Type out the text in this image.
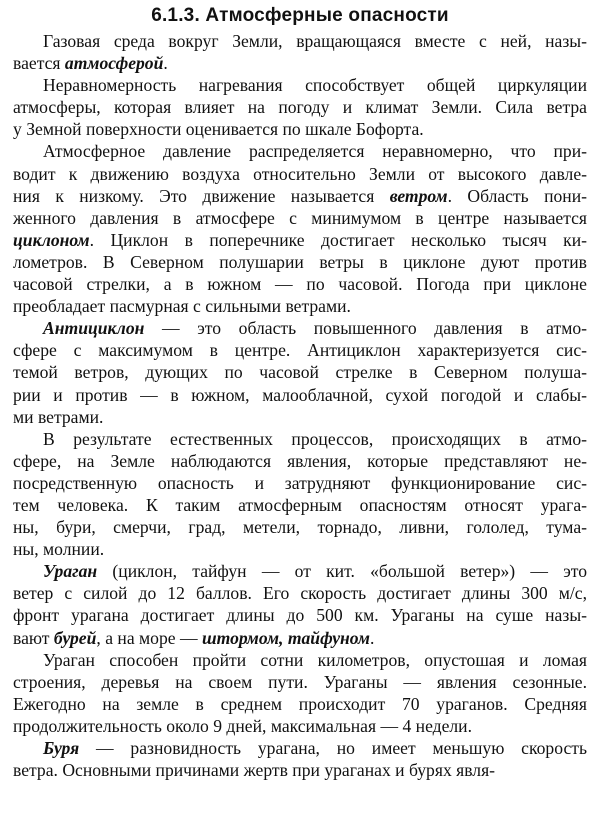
6.1.3. Атмосферные опасности
Газовая среда вокруг Земли, вращающаяся вместе с ней, назы-
вается атмосферой.
Неравномерность нагревания способствует общей циркуляции
атмосферы, которая влияет на погоду и климат Земли. Сила ветра
у Земной поверхности оценивается по шкале Бофорта.
Атмосферное давление распределяется неравномерно, что при-
водит к движению воздуха относительно Земли от высокого давле-
ния к низкому. Это движение называется ветром. Область пони-
женного давления в атмосфере с минимумом в центре называется
циклоном. Циклон в поперечнике достигает несколько тысяч ки-
лометров. В Северном полушарии ветры в циклоне дуют против
часовой стрелки, а в южном — по часовой. Погода при циклоне
преобладает пасмурная с сильными ветрами.
Антициклон — это область повышенного давления в атмо-
сфере с максимумом в центре. Антициклон характеризуется сис-
темой ветров, дующих по часовой стрелке в Северном полуша-
рии и против — в южном, малооблачной, сухой погодой и слабы-
ми ветрами.
В результате естественных процессов, происходящих в атмо-
сфере, на Земле наблюдаются явления, которые представляют не-
посредственную опасность и затрудняют функционирование сис-
тем человека. К таким атмосферным опасностям относят урага-
ны, бури, смерчи, град, метели, торнадо, ливни, гололед, тума-
ны, молнии.
Ураган (циклон, тайфун — от кит. «большой ветер») — это
ветер с силой до 12 баллов. Его скорость достигает длины 300 м/с,
фронт урагана достигает длины до 500 км. Ураганы на суше назы-
вают бурей, а на море — штормом, тайфуном.
Ураган способен пройти сотни километров, опустошая и ломая
строения, деревья на своем пути. Ураганы — явления сезонные.
Ежегодно на земле в среднем происходит 70 ураганов. Средняя
продолжительность около 9 дней, максимальная — 4 недели.
Буря — разновидность урагана, но имеет меньшую скорость
ветра. Основными причинами жертв при ураганах и бурях явля-
